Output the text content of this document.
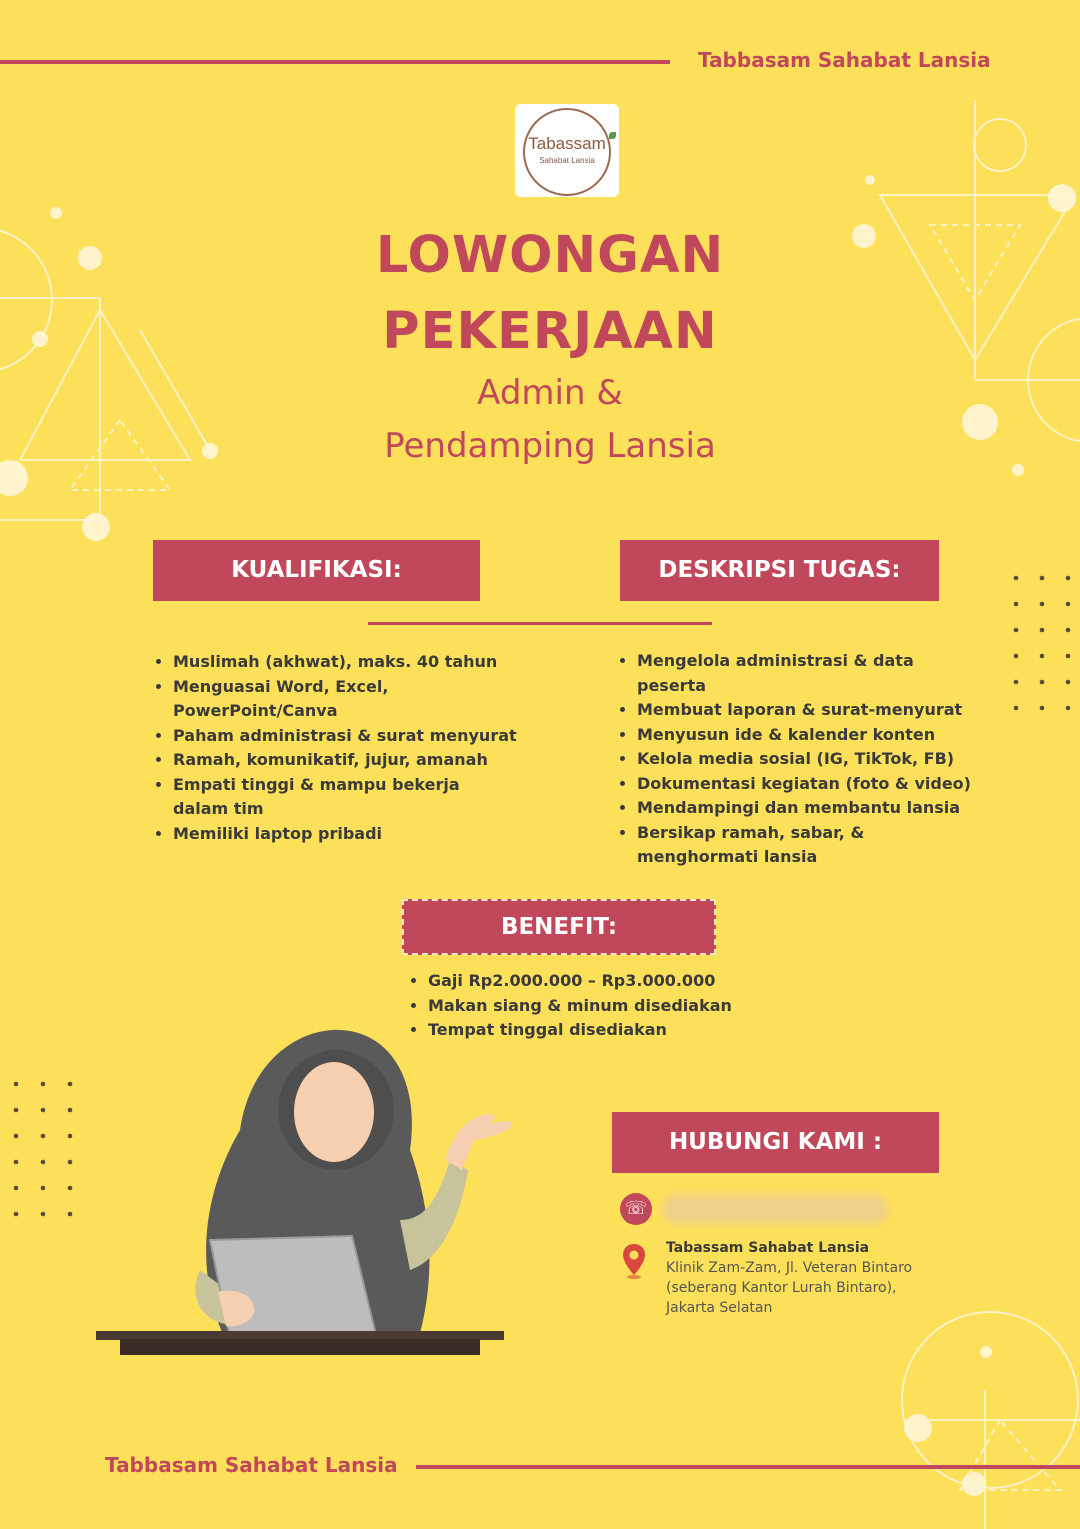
Tabbasam Sahabat Lansia
Tabassam
Sahabat Lansia
LOWONGAN
PEKERJAAN
Admin &
Pendamping Lansia
KUALIFIKASI:	DESKRIPSI TUGAS:
• Muslimah (akhwat), maks. 40 tahun
• Menguasai Word, Excel, PowerPoint/Canva
• Paham administrasi & surat menyurat
• Ramah, komunikatif, jujur, amanah
• Empati tinggi & mampu bekerja dalam tim
• Memiliki laptop pribadi
• Mengelola administrasi & data peserta
• Membuat laporan & surat-menyurat
• Menyusun ide & kalender konten
• Kelola media sosial (IG, TikTok, FB)
• Dokumentasi kegiatan (foto & video)
• Mendampingi dan membantu lansia
• Bersikap ramah, sabar, & menghormati lansia
BENEFIT:
• Gaji Rp2.000.000 – Rp3.000.000
• Makan siang & minum disediakan
• Tempat tinggal disediakan
HUBUNGI KAMI :
☏
Tabassam Sahabat Lansia
Klinik Zam-Zam, Jl. Veteran Bintaro
(seberang Kantor Lurah Bintaro),
Jakarta Selatan
Tabbasam Sahabat Lansia
